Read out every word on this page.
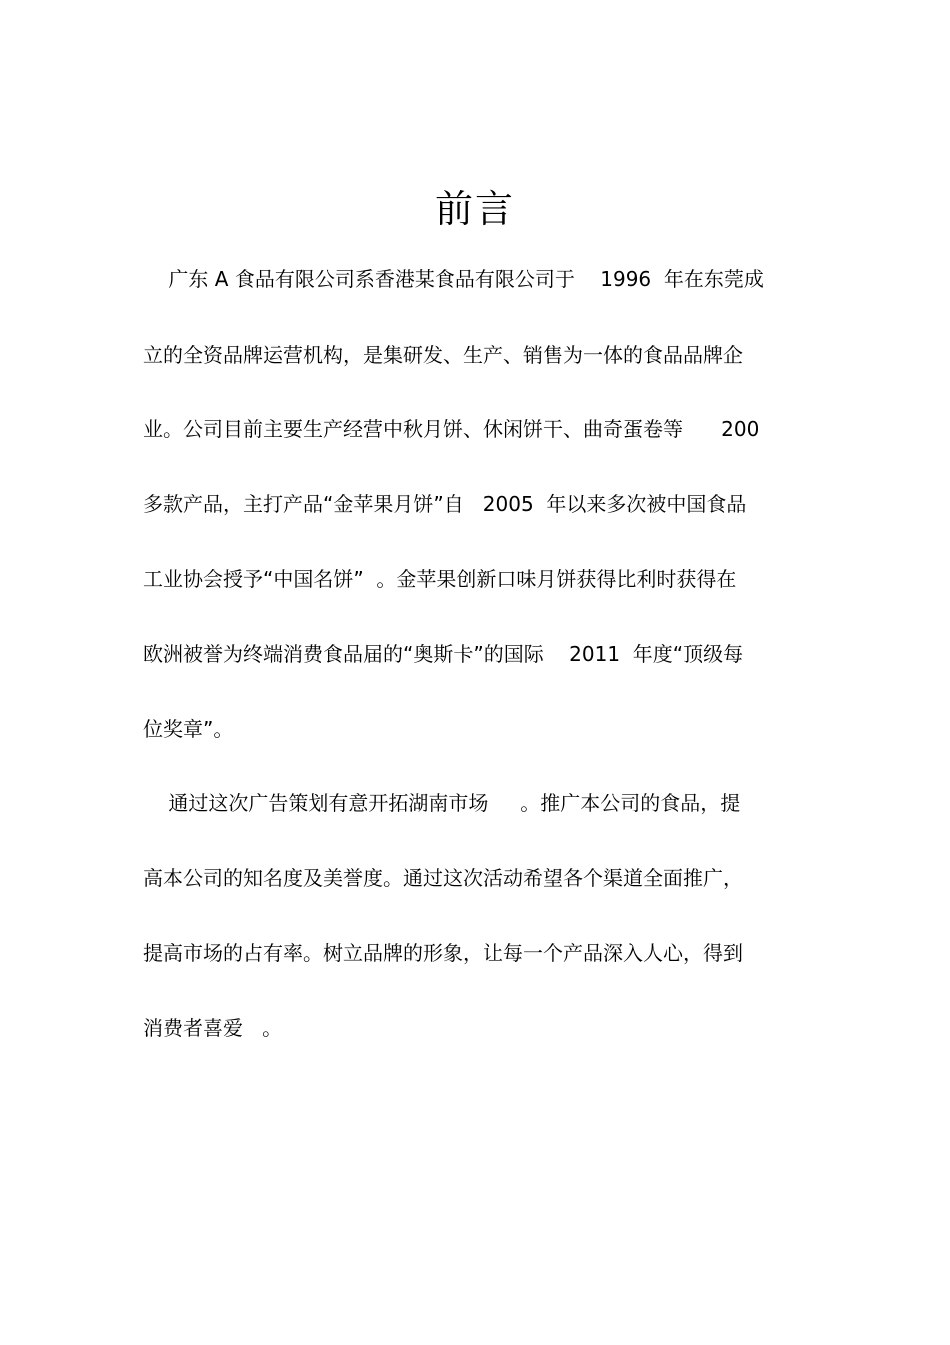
前言
广东 A 食品有限公司系香港某食品有限公司于    1996  年在东莞成
立的全资品牌运营机构，是集研发、生产、销售为一体的食品品牌企
业。公司目前主要生产经营中秋月饼、休闲饼干、曲奇蛋卷等      200
多款产品，主打产品“金苹果月饼”自   2005  年以来多次被中国食品
工业协会授予“中国名饼”  。金苹果创新口味月饼获得比利时获得在
欧洲被誉为终端消费食品届的“奥斯卡”的国际    2011  年度“顶级每
位奖章”。
通过这次广告策划有意开拓湖南市场     。推广本公司的食品，提
高本公司的知名度及美誉度。通过这次活动希望各个渠道全面推广，
提高市场的占有率。树立品牌的形象，让每一个产品深入人心，得到
消费者喜爱   。
